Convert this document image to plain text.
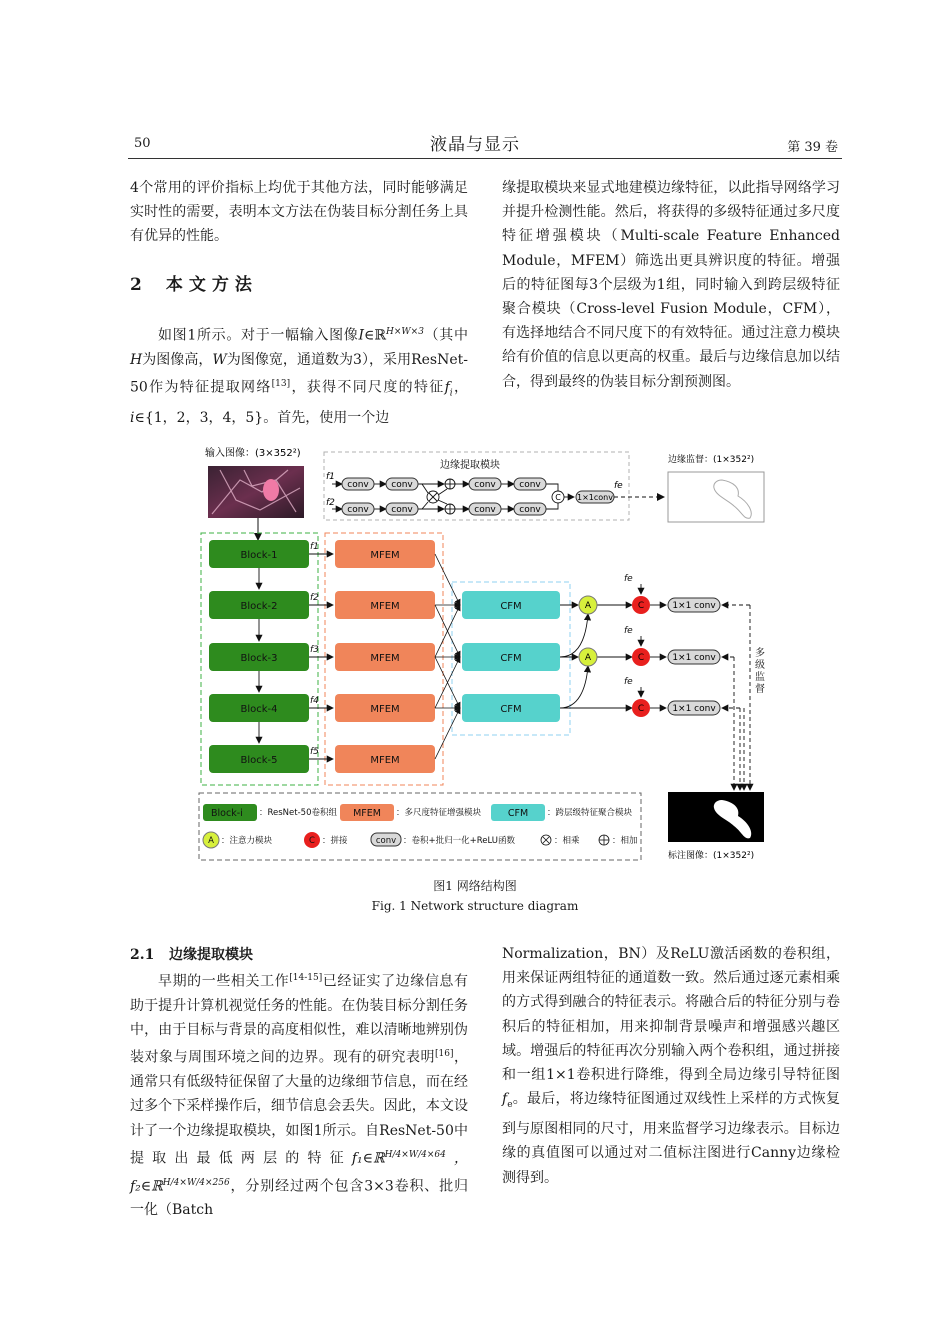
50	液晶与显示	第 39 卷

4个常用的评价指标上均优于其他方法，同时能够满足实时性的需要，表明本文方法在伪装目标分割任务上具有优异的性能。

2 本文方法

如图1所示。对于一幅输入图像I∈ℝ$^{H\times W\times 3}$（其中H为图像高，W为图像宽，通道数为3），采用ResNet-50作为特征提取网络[13]，获得不同尺度的特征$f_i$，i∈{1，2，3，4，5}。首先，使用一个边

缘提取模块来显式地建模边缘特征，以此指导网络学习并提升检测性能。然后，将获得的多级特征通过多尺度特征增强模块（Multi-scale Feature Enhanced Module，MFEM）筛选出更具辨识度的特征。增强后的特征图每3个层级为1组，同时输入到跨层级特征聚合模块（Cross-level Fusion Module，CFM），有选择地结合不同尺度下的有效特征。通过注意力模块给有价值的信息以更高的权重。最后与边缘信息加以结合，得到最终的伪装目标分割预测图。

输入图像：(3×352²)
边缘提取模块
f1
f2
conv
conv
conv
conv
conv
conv
conv
conv
C 1×1conv
fe
边缘监督：(1×352²)
Block-1
Block-2
Block-3
Block-4
Block-5
f1
f2
f3
f4
f5
MFEM
MFEM
MFEM
MFEM
MFEM
CFM
CFM
CFM
fe
fe
fe
A
A
C
C
C
1×1 conv
1×1 conv
1×1 conv
多级监督
标注图像：(1×352²)
Block-i ：ResNet-50卷积组 MFEM ：多尺度特征增强模块	CFM ：跨层级特征聚合模块
A ：注意力模块	C ：拼接	conv ：卷积+批归一化+ReLU函数	：相乘	：相加
图1 网络结构图
Fig. 1 Network structure diagram
2.1 边缘提取模块

早期的一些相关工作[14-15]已经证实了边缘信息有助于提升计算机视觉任务的性能。在伪装目标分割任务中，由于目标与背景的高度相似性，难以清晰地辨别伪装对象与周围环境之间的边界。现有的研究表明[16]，通常只有低级特征保留了大量的边缘细节信息，而在经过多个下采样操作后，细节信息会丢失。因此，本文设计了一个边缘提取模块，如图1所示。自ResNet-50中提取出最低两层的特征f₁∈ℝ$^{H/4\times W/4\times 64}$，f₂∈ℝ$^{H/4\times W/4\times 256}$，分别经过两个包含3×3卷积、批归一化（Batch

Normalization，BN）及ReLU激活函数的卷积组，用来保证两组特征的通道数一致。然后通过逐元素相乘的方式得到融合的特征表示。将融合后的特征分别与卷积后的特征相加，用来抑制背景噪声和增强感兴趣区域。增强后的特征再次分别输入两个卷积组，通过拼接和一组1×1卷积进行降维，得到全局边缘引导特征图$f_e$。最后，将边缘特征图通过双线性上采样的方式恢复到与原图相同的尺寸，用来监督学习边缘表示。目标边缘的真值图可以通过对二值标注图进行Canny边缘检测得到。
